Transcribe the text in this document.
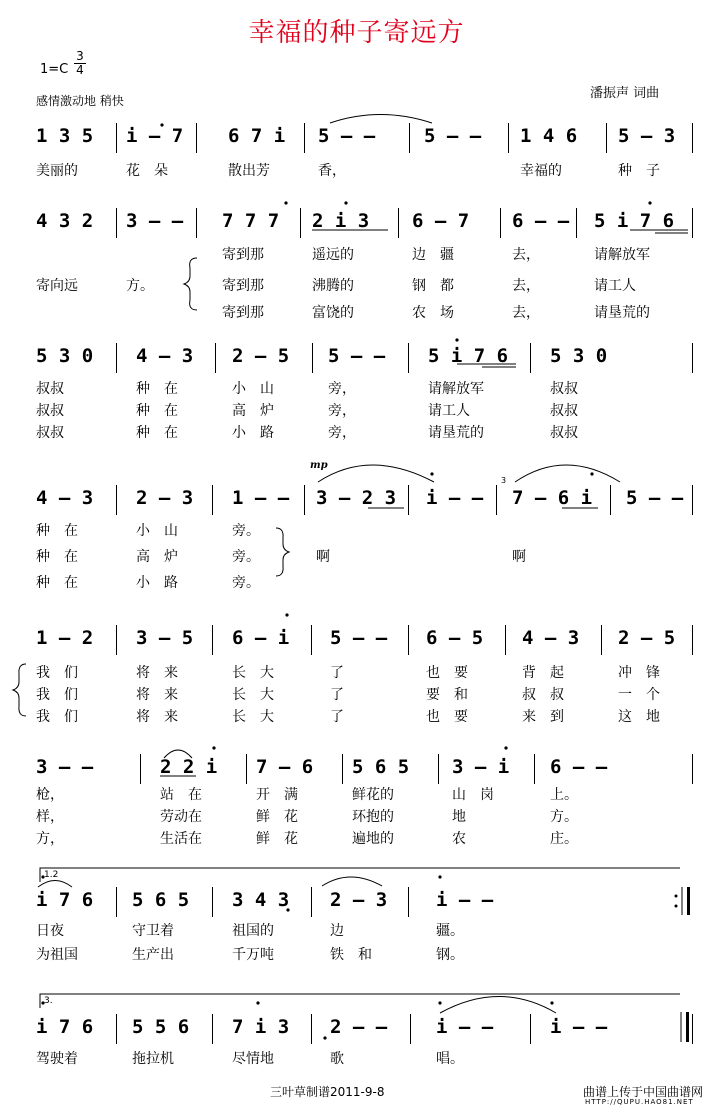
幸福的种子寄远方
$1=C \frac{3}{4}$
感情激动地 稍快	潘振声 词曲
mp
1.2
3.
3
1 3 5 i – 7 6 7 i 5 – –	5 – – 1 4 6 5 – 3
美丽的	花　朵	散出芳	香，	幸福的	种　子
4 3 2 3 – – 7 7 7 2 i 3 6 – 7 6 – – 5 i 7 6
寄到那	遥远的	边　疆	去，	请解放军
寄向远	方。	寄到那	沸腾的	钢　都	去，	请工人
寄到那	富饶的	农　场	去，	请垦荒的
5 3 0 4 – 3 2 – 5 5 – – 5 i 7 6 5 3 0
叔叔	种　在	小　山	旁，	请解放军	叔叔
叔叔	种　在	高　炉	旁，	请工人	叔叔
叔叔	种　在	小　路	旁，	请垦荒的	叔叔
4 – 3 2 – 3 1 – – 3 – 2 3 i – – 7 – 6 i 5 – –
种　在	小　山	旁。
种　在	高　炉	旁。	啊	啊
种　在	小　路	旁。
1 – 2 3 – 5 6 – i 5 – – 6 – 5 4 – 3 2 – 5
我　们	将　来	长　大	了	也　要	背　起	冲　锋
我　们	将　来	长　大	了	要　和	叔　叔	一　个
我　们	将　来	长　大	了	也　要	来　到	这　地
3 – –	2 2 i 7 – 6 5 6 5 3 – i 6 – –
枪，	站　在	开　满	鲜花的	山　岗	上。
样，	劳动在	鲜　花	环抱的	地	方。
方，	生活在	鲜　花	遍地的	农	庄。
i 7 6 5 6 5 3 4 3 2 – 3	i – –
日夜	守卫着	祖国的	边	疆。
为祖国	生产出	千万吨	铁　和	钢。
i 7 6 5 5 6 7 i 3 2 – –	i – –	i – –
驾驶着	拖拉机	尽情地	歌	唱。
三叶草制谱2011-9-8	曲谱上传于中国曲谱网
HTTP://QUPU.HAO81.NET
